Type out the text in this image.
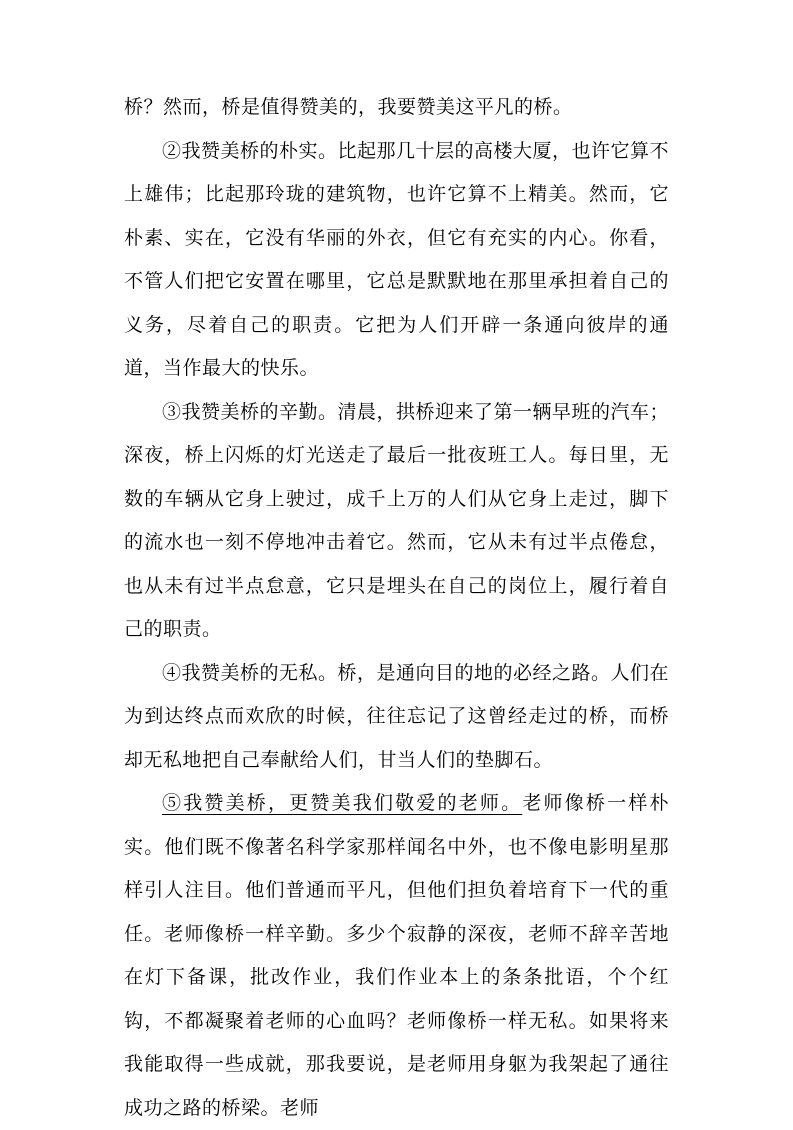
桥？然而，桥是值得赞美的，我要赞美这平凡的桥。

②我赞美桥的朴实。比起那几十层的高楼大厦，也许它算不上雄伟；比起那玲珑的建筑物，也许它算不上精美。然而，它朴素、实在，它没有华丽的外衣，但它有充实的内心。你看，不管人们把它安置在哪里，它总是默默地在那里承担着自己的义务，尽着自己的职责。它把为人们开辟一条通向彼岸的通道，当作最大的快乐。

③我赞美桥的辛勤。清晨，拱桥迎来了第一辆早班的汽车；深夜，桥上闪烁的灯光送走了最后一批夜班工人。每日里，无数的车辆从它身上驶过，成千上万的人们从它身上走过，脚下的流水也一刻不停地冲击着它。然而，它从未有过半点倦怠，也从未有过半点怠意，它只是埋头在自己的岗位上，履行着自己的职责。

④我赞美桥的无私。桥，是通向目的地的必经之路。人们在为到达终点而欢欣的时候，往往忘记了这曾经走过的桥，而桥却无私地把自己奉献给人们，甘当人们的垫脚石。

⑤我赞美桥，更赞美我们敬爱的老师。老师像桥一样朴实。他们既不像著名科学家那样闻名中外，也不像电影明星那样引人注目。他们普通而平凡，但他们担负着培育下一代的重任。老师像桥一样辛勤。多少个寂静的深夜，老师不辞辛苦地在灯下备课，批改作业，我们作业本上的条条批语，个个红钩，不都凝聚着老师的心血吗？老师像桥一样无私。如果将来我能取得一些成就，那我要说，是老师用身躯为我架起了通往成功之路的桥梁。老师
